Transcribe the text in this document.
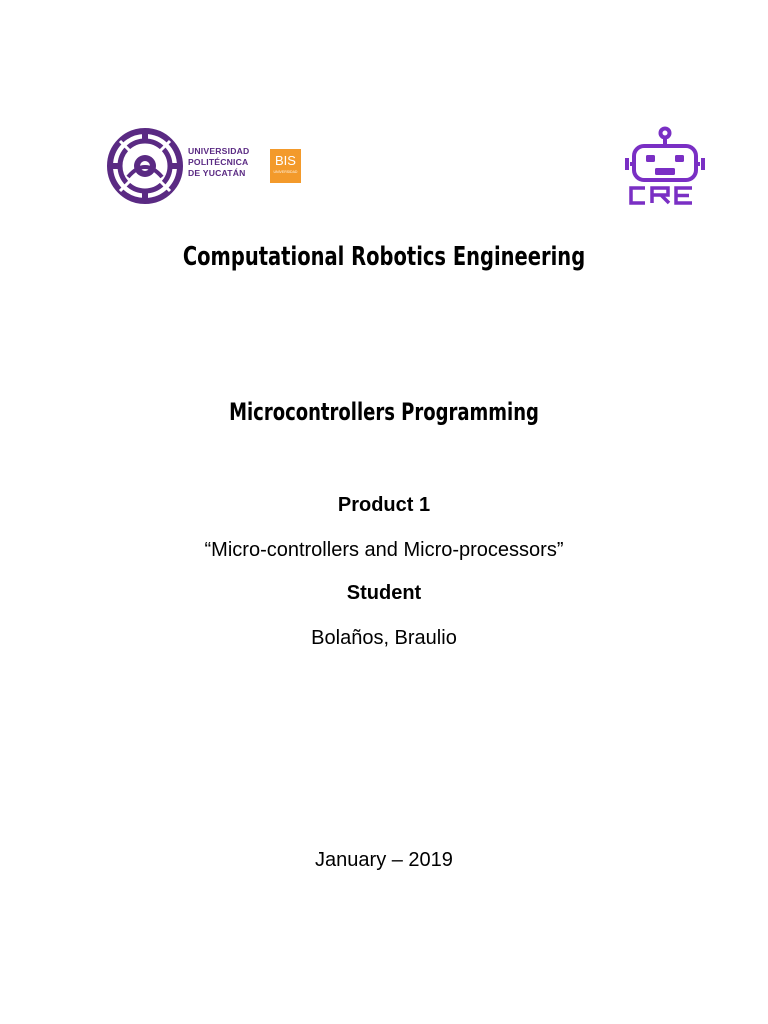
UNIVERSIDAD
POLITÉCNICA
DE YUCATÁN
BIS
UNIVERSIDAD
Computational Robotics Engineering
Microcontrollers Programming
Product 1
“Micro-controllers and Micro-processors”
Student
Bolaños, Braulio
January – 2019
